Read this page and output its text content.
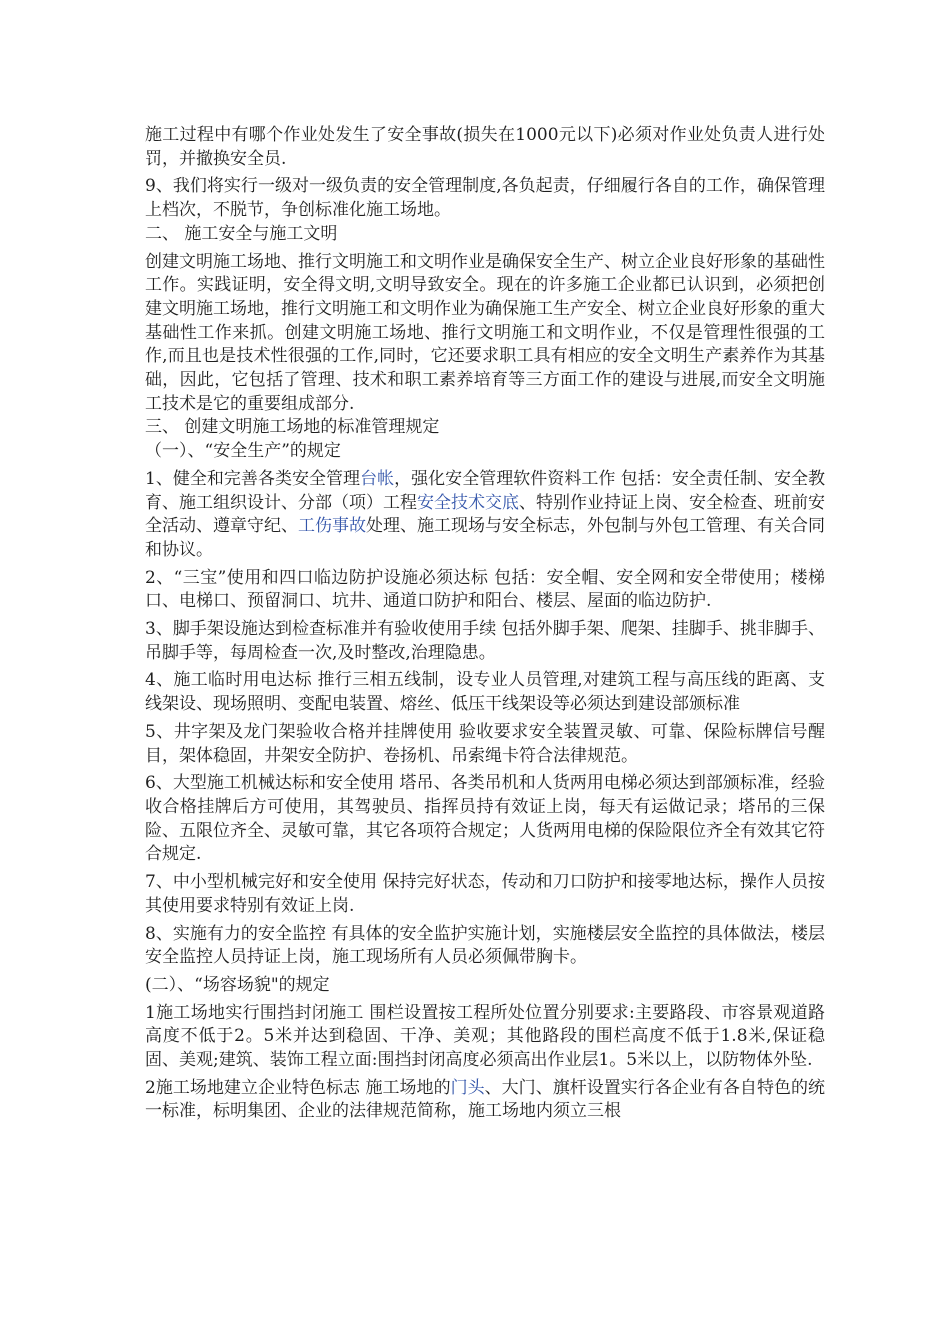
施工过程中有哪个作业处发生了安全事故(损失在1000元以下)必须对作业处负责人进行处罚，并撤换安全员.

9、我们将实行一级对一级负责的安全管理制度,各负起责，仔细履行各自的工作，确保管理上档次，不脱节，争创标准化施工场地。

二、 施工安全与施工文明

创建文明施工场地、推行文明施工和文明作业是确保安全生产、树立企业良好形象的基础性工作。实践证明，安全得文明,文明导致安全。现在的许多施工企业都已认识到，必须把创建文明施工场地，推行文明施工和文明作业为确保施工生产安全、树立企业良好形象的重大基础性工作来抓。创建文明施工场地、推行文明施工和文明作业，不仅是管理性很强的工作,而且也是技术性很强的工作,同时，它还要求职工具有相应的安全文明生产素养作为其基础，因此，它包括了管理、技术和职工素养培育等三方面工作的建设与进展,而安全文明施工技术是它的重要组成部分.

三、 创建文明施工场地的标准管理规定

（一）、“安全生产”的规定

1、健全和完善各类安全管理台帐，强化安全管理软件资料工作 包括：安全责任制、安全教育、施工组织设计、分部（项）工程安全技术交底、特别作业持证上岗、安全检查、班前安全活动、遵章守纪、工伤事故处理、施工现场与安全标志，外包制与外包工管理、有关合同和协议。

2、“三宝”使用和四口临边防护设施必须达标 包括：安全帽、安全网和安全带使用；楼梯口、电梯口、预留洞口、坑井、通道口防护和阳台、楼层、屋面的临边防护.

3、脚手架设施达到检查标准并有验收使用手续 包括外脚手架、爬架、挂脚手、挑非脚手、吊脚手等，每周检查一次,及时整改,治理隐患。

4、施工临时用电达标 推行三相五线制，设专业人员管理,对建筑工程与高压线的距离、支线架设、现场照明、变配电装置、熔丝、低压干线架设等必须达到建设部颁标准

5、井字架及龙门架验收合格并挂牌使用 验收要求安全装置灵敏、可靠、保险标牌信号醒目，架体稳固，井架安全防护、卷扬机、吊索绳卡符合法律规范。

6、大型施工机械达标和安全使用 塔吊、各类吊机和人货两用电梯必须达到部颁标准，经验收合格挂牌后方可使用，其驾驶员、指挥员持有效证上岗，每天有运做记录；塔吊的三保险、五限位齐全、灵敏可靠，其它各项符合规定；人货两用电梯的保险限位齐全有效其它符合规定.

7、中小型机械完好和安全使用 保持完好状态，传动和刀口防护和接零地达标，操作人员按其使用要求特别有效证上岗.

8、实施有力的安全监控 有具体的安全监护实施计划，实施楼层安全监控的具体做法，楼层安全监控人员持证上岗，施工现场所有人员必须佩带胸卡。

(二）、“场容场貌"的规定

1施工场地实行围挡封闭施工 围栏设置按工程所处位置分别要求:主要路段、市容景观道路高度不低于2。5米并达到稳固、干净、美观；其他路段的围栏高度不低于1.8米,保证稳固、美观;建筑、装饰工程立面:围挡封闭高度必须高出作业层1。5米以上，以防物体外坠.

2施工场地建立企业特色标志 施工场地的门头、大门、旗杆设置实行各企业有各自特色的统一标准，标明集团、企业的法律规范简称，施工场地内须立三根
